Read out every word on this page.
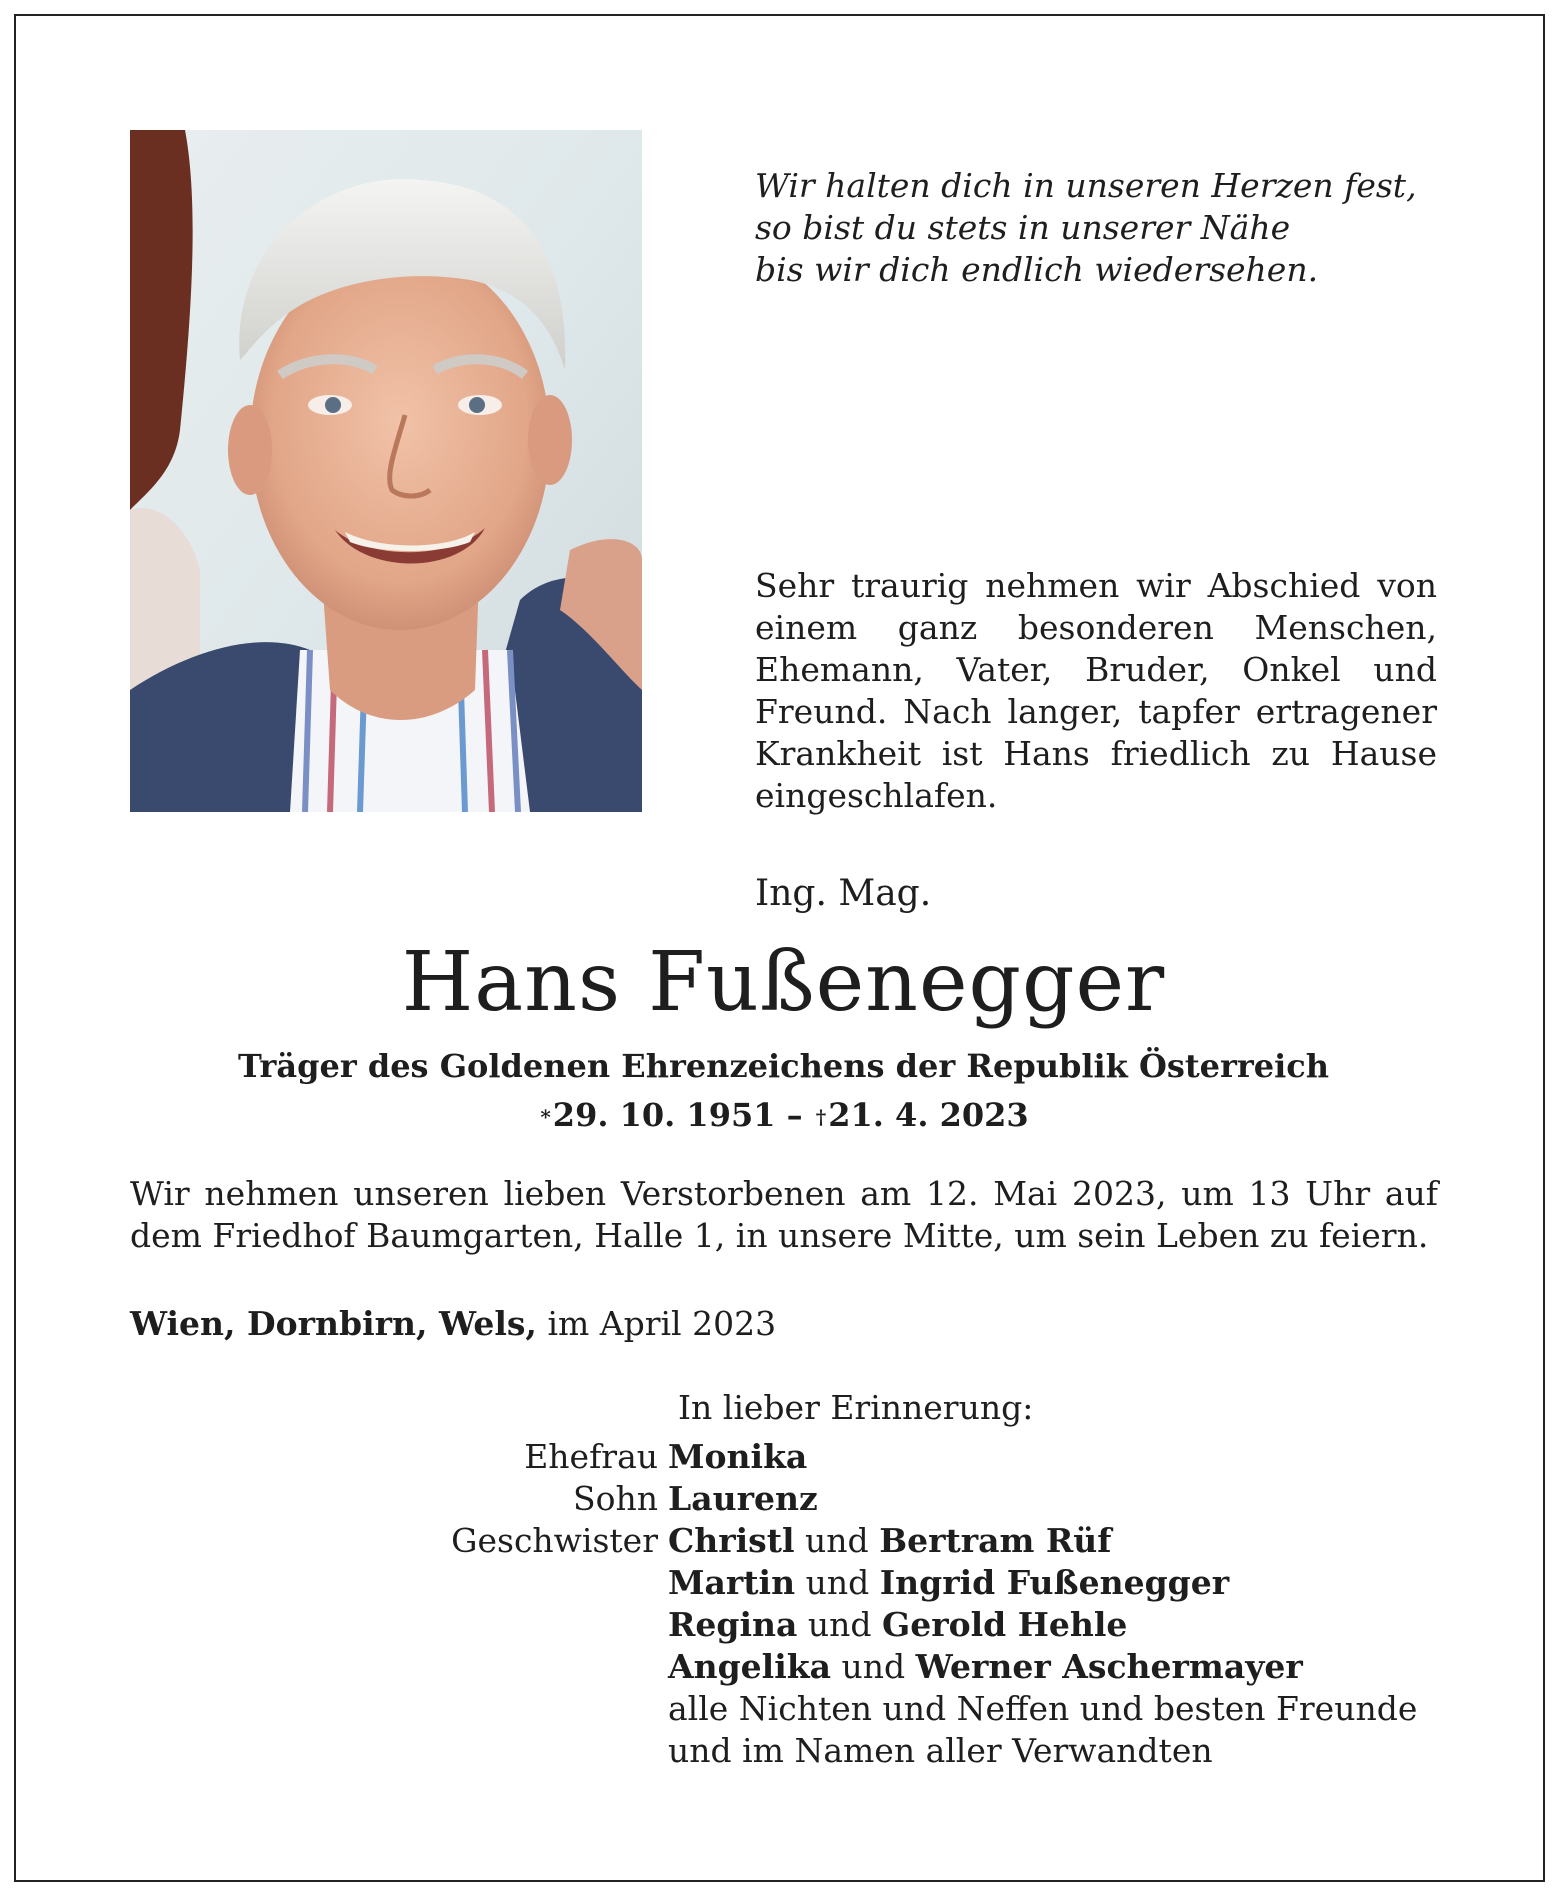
Wir halten dich in unseren Herzen fest,
so bist du stets in unserer Nähe
bis wir dich endlich wiedersehen.
Sehr traurig nehmen wir Abschied von einem ganz besonderen Menschen, Ehemann, Vater, Bruder, Onkel und Freund. Nach langer, tapfer ertragener Krankheit ist Hans friedlich zu Hause eingeschlafen.
Ing. Mag.
Hans Fußenegger
Träger des Goldenen Ehrenzeichens der Republik Österreich
*29. 10. 1951 – †21. 4. 2023
Wir nehmen unseren lieben Verstorbenen am 12. Mai 2023, um 13 Uhr auf
dem Friedhof Baumgarten, Halle 1, in unsere Mitte, um sein Leben zu feiern.
Wien, Dornbirn, Wels, im April 2023
In lieber Erinnerung:
Ehefrau Monika
Sohn Laurenz
Geschwister Christl und Bertram Rüf
Martin und Ingrid Fußenegger
Regina und Gerold Hehle
Angelika und Werner Aschermayer
alle Nichten und Neffen und besten Freunde
und im Namen aller Verwandten
